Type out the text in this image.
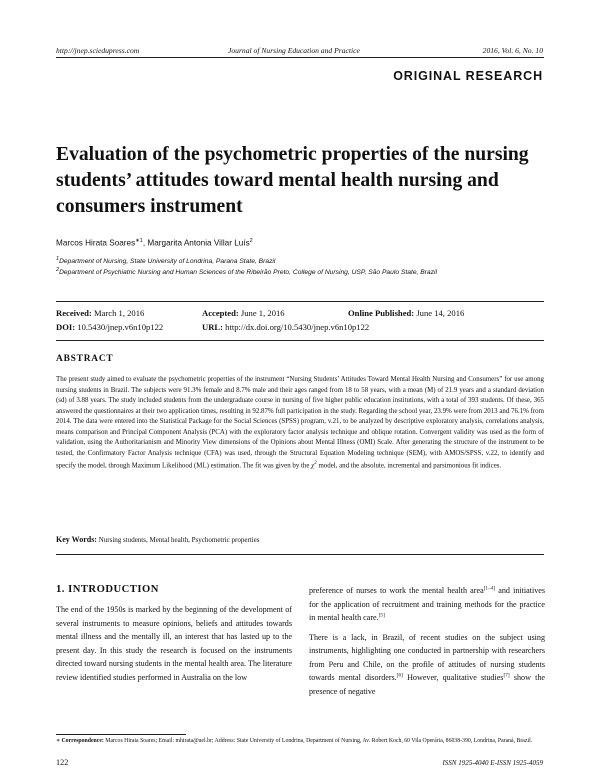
http://jnep.sciedupress.com	Journal of Nursing Education and Practice	2016, Vol. 6, No. 10
ORIGINAL RESEARCH
Evaluation of the psychometric properties of the nursing students’ attitudes toward mental health nursing and consumers instrument
Marcos Hirata Soares$^{∗1}$, Margarita Antonia Villar Luís$^2$
$^1$Department of Nursing, State University of Londrina, Parana State, Brazil
$^2$Department of Psychiatric Nursing and Human Sciences of the Ribeirão Preto, College of Nursing, USP, São Paulo State, Brazil
Received: March 1, 2016	Accepted: June 1, 2016	Online Published: June 14, 2016
DOI: 10.5430/jnep.v6n10p122	URL: http://dx.doi.org/10.5430/jnep.v6n10p122
ABSTRACT

The present study aimed to evaluate the psychometric properties of the instrument “Nursing Students’ Attitudes Toward Mental Health Nursing and Consumers” for use among nursing students in Brazil. The subjects were 91.3% female and 8.7% male and their ages ranged from 18 to 58 years, with a mean (M) of 21.9 years and a standard deviation (sd) of 3.88 years. The study included students from the undergraduate course in nursing of five higher public education institutions, with a total of 393 students. Of these, 365 answered the questionnaires at their two application times, resulting in 92.87% full participation in the study. Regarding the school year, 23.9% were from 2013 and 76.1% from 2014. The data were entered into the Statistical Package for the Social Sciences (SPSS) program, v.21, to be analyzed by descriptive exploratory analysis, correlations analysis, means comparison and Principal Component Analysis (PCA) with the exploratory factor analysis technique and oblique rotation. Convergent validity was used as the form of validation, using the Authoritarianism and Minority View dimensions of the Opinions about Mental Illness (OMI) Scale. After generating the structure of the instrument to be tested, the Confirmatory Factor Analysis technique (CFA) was used, through the Structural Equation Modeling technique (SEM), with AMOS/SPSS, v.22, to identify and specify the model, through Maximum Likelihood (ML) estimation. The fit was given by the $\chi^2$ model, and the absolute, incremental and parsimonious fit indices.

Key Words: Nursing students, Mental health, Psychometric properties
1. INTRODUCTION

The end of the 1950s is marked by the beginning of the development of several instruments to measure opinions, beliefs and attitudes towards mental illness and the mentally ill, an interest that has lasted up to the present day. In this study the research is focused on the instruments directed toward nursing students in the mental health area. The literature review identified studies performed in Australia on the low

preference of nurses to work the mental health area[1–4] and initiatives for the application of recruitment and training methods for the practice in mental health care.[5]

There is a lack, in Brazil, of recent studies on the subject using instruments, highlighting one conducted in partnership with researchers from Peru and Chile, on the profile of attitudes of nursing students towards mental disorders.[6] However, qualitative studies[7] show the presence of negative

∗ Correspondence: Marcos Hirata Soares; Email: mhirata@uel.br; Address: State University of Londrina, Department of Nursing, Av. Robert Koch, 60 Vila Operária, 86038-390, Londrina, Paraná, Brazil.

122	ISSN 1925-4040 E-ISSN 1925-4059
